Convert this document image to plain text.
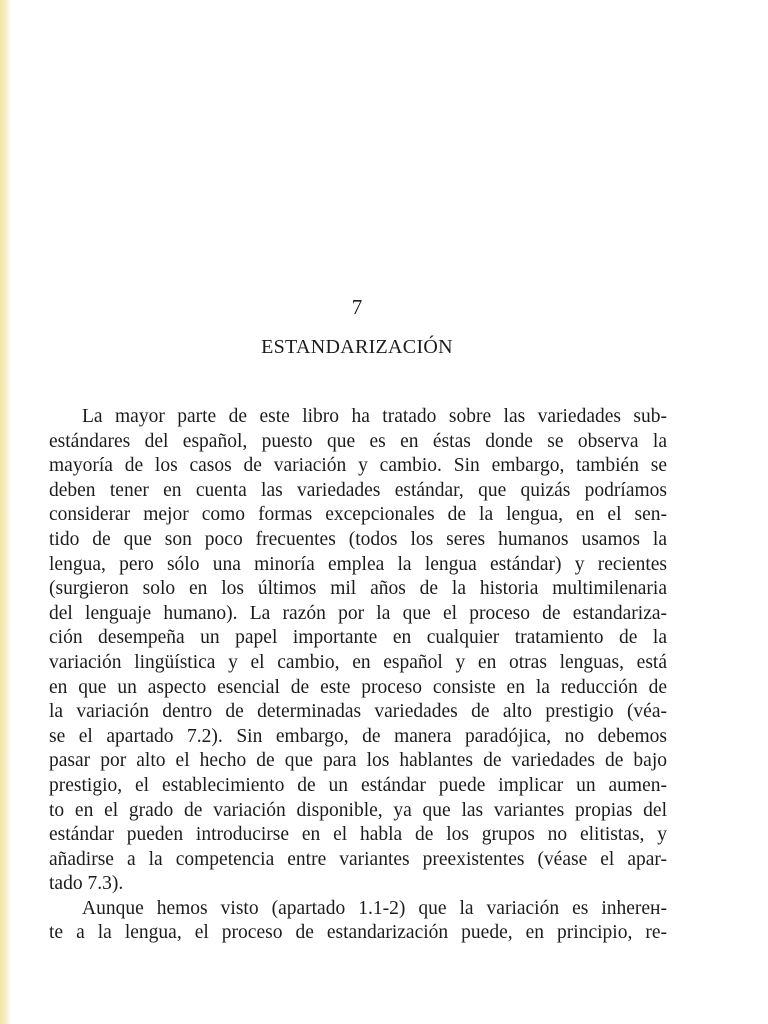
7
ESTANDARIZACIÓN
La mayor parte de este libro ha tratado sobre las variedades sub-
estándares del español, puesto que es en éstas donde se observa la
mayoría de los casos de variación y cambio. Sin embargo, también se
deben tener en cuenta las variedades estándar, que quizás podríamos
considerar mejor como formas excepcionales de la lengua, en el sen-
tido de que son poco frecuentes (todos los seres humanos usamos la
lengua, pero sólo una minoría emplea la lengua estándar) y recientes
(surgieron solo en los últimos mil años de la historia multimilenaria
del lenguaje humano). La razón por la que el proceso de estandariza-
ción desempeña un papel importante en cualquier tratamiento de la
variación lingüística y el cambio, en español y en otras lenguas, está
en que un aspecto esencial de este proceso consiste en la reducción de
la variación dentro de determinadas variedades de alto prestigio (véa-
se el apartado 7.2). Sin embargo, de manera paradójica, no debemos
pasar por alto el hecho de que para los hablantes de variedades de bajo
prestigio, el establecimiento de un estándar puede implicar un aumen-
to en el grado de variación disponible, ya que las variantes propias del
estándar pueden introducirse en el habla de los grupos no elitistas, y
añadirse a la competencia entre variantes preexistentes (véase el apar-
tado 7.3).
Aunque hemos visto (apartado 1.1-2) que la variación es inherен-
te a la lengua, el proceso de estandarización puede, en principio, re-
